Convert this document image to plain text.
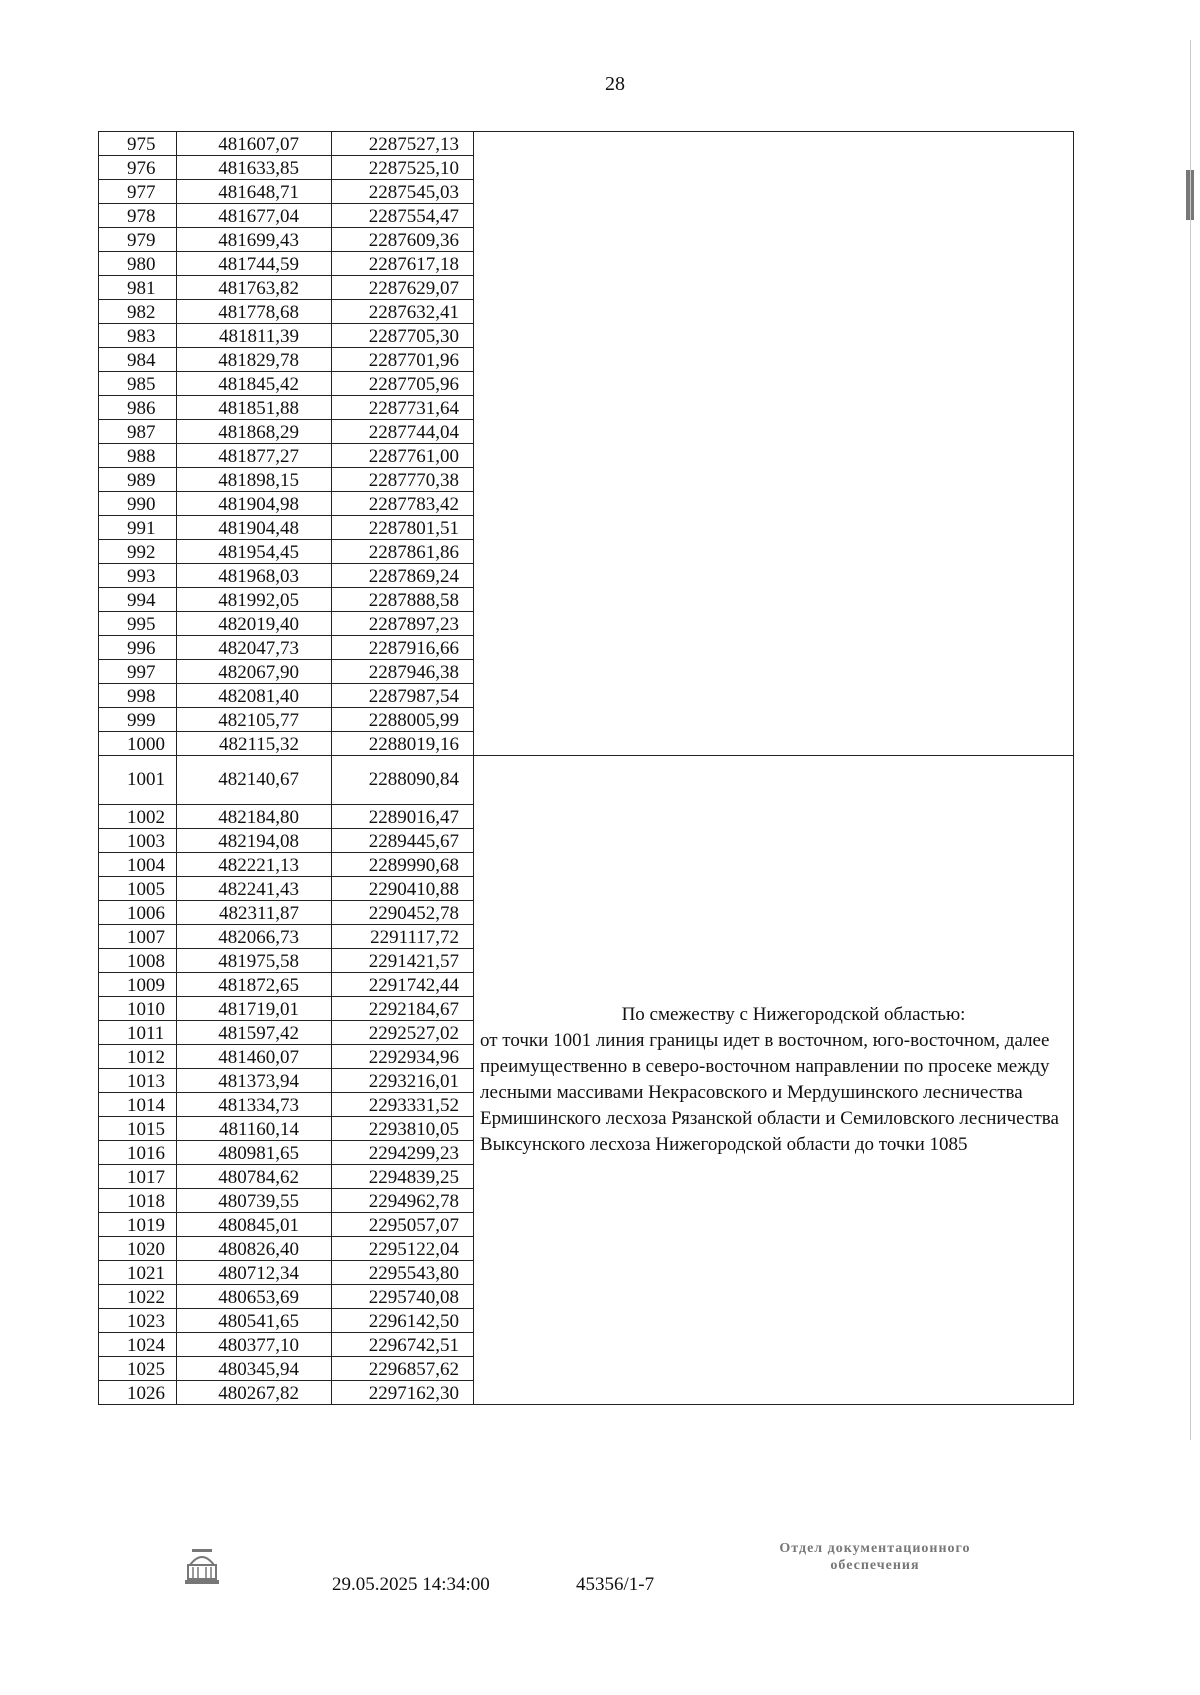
28
975	481607,07	2287527,13	
976	481633,85	2287525,10	
977	481648,71	2287545,03	
978	481677,04	2287554,47	
979	481699,43	2287609,36	
980	481744,59	2287617,18	
981	481763,82	2287629,07	
982	481778,68	2287632,41	
983	481811,39	2287705,30	
984	481829,78	2287701,96	
985	481845,42	2287705,96	
986	481851,88	2287731,64	
987	481868,29	2287744,04	
988	481877,27	2287761,00	
989	481898,15	2287770,38	
990	481904,98	2287783,42	
991	481904,48	2287801,51	
992	481954,45	2287861,86	
993	481968,03	2287869,24	
994	481992,05	2287888,58	
995	482019,40	2287897,23	
996	482047,73	2287916,66	
997	482067,90	2287946,38	
998	482081,40	2287987,54	
999	482105,77	2288005,99	
1000	482115,32	2288019,16	
1001	482140,67	2288090,84	По смежеству с Нижегородской областью:
от точки 1001 линия границы идет в восточном, юго-восточном, далее преимущественно в северо-восточном направлении по просеке между лесными массивами Некрасовского и Мердушинского лесничества Ермишинского лесхоза Рязанской области и Семиловского лесничества Выксунского лесхоза Нижегородской области до точки 1085

1002	482184,80	2289016,47	
1003	482194,08	2289445,67	
1004	482221,13	2289990,68	
1005	482241,43	2290410,88	
1006	482311,87	2290452,78	
1007	482066,73	2291117,72	
1008	481975,58	2291421,57	
1009	481872,65	2291742,44	
1010	481719,01	2292184,67	
1011	481597,42	2292527,02	
1012	481460,07	2292934,96	
1013	481373,94	2293216,01	
1014	481334,73	2293331,52	
1015	481160,14	2293810,05	
1016	480981,65	2294299,23	
1017	480784,62	2294839,25	
1018	480739,55	2294962,78	
1019	480845,01	2295057,07	
1020	480826,40	2295122,04	
1021	480712,34	2295543,80	
1022	480653,69	2295740,08	
1023	480541,65	2296142,50	
1024	480377,10	2296742,51	
1025	480345,94	2296857,62	
1026	480267,82	2297162,30	
29.05.2025 14:34:00	45356/1-7
Отдел документационного
обеспечения
